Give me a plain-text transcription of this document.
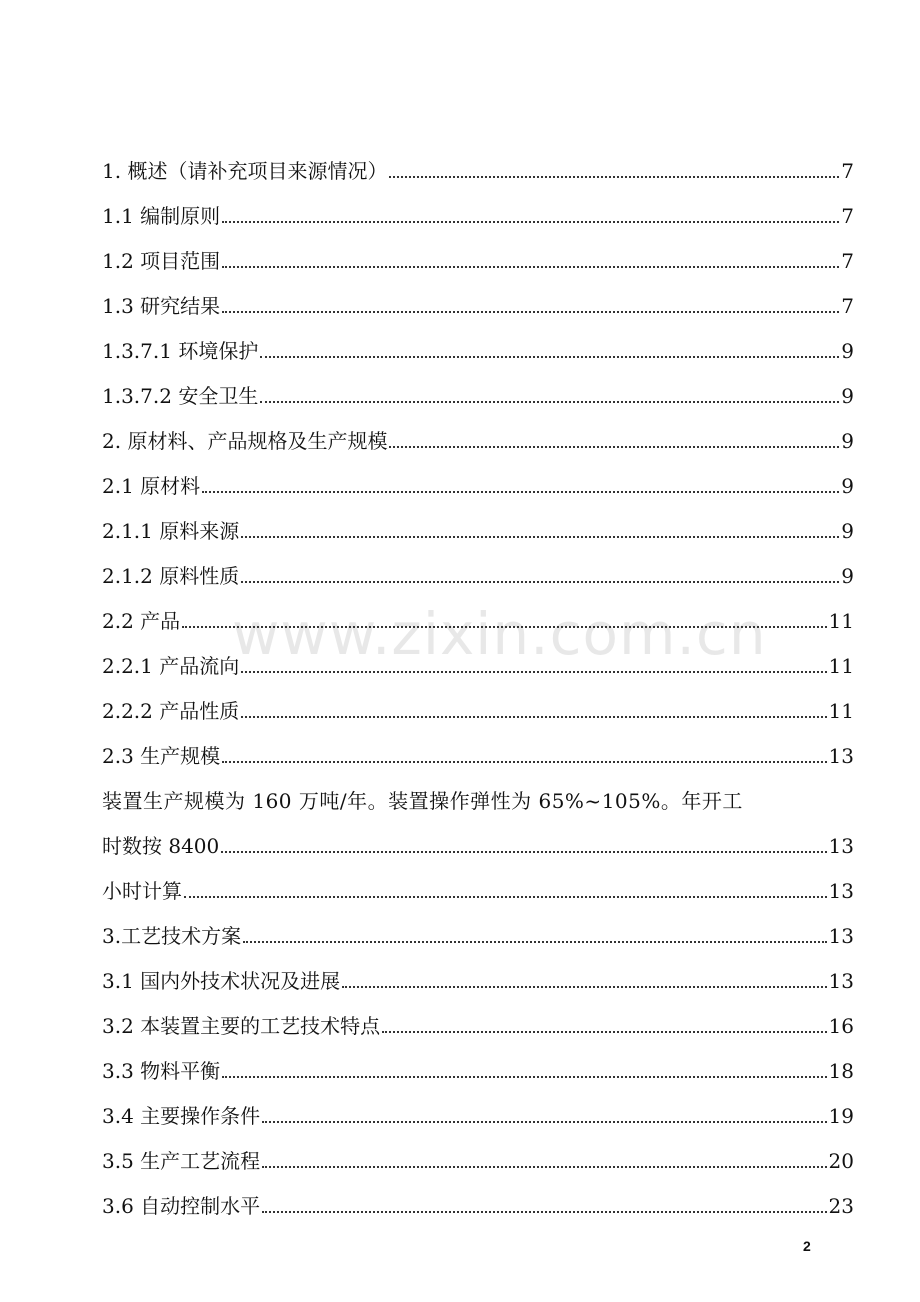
www.zixin.com.cn
1. 概述（请补充项目来源情况）	7
1.1 编制原则	7
1.2 项目范围	7
1.3 研究结果	7
1.3.7.1 环境保护	9
1.3.7.2 安全卫生	9
2. 原材料、产品规格及生产规模	9
2.1 原材料	9
2.1.1 原料来源	9
2.1.2 原料性质	9
2.2 产品	11
2.2.1 产品流向	11
2.2.2 产品性质	11
2.3 生产规模	13
装置生产规模为 160 万吨/年。装置操作弹性为 65%~105%。年开工
时数按 8400	13
小时计算	13
3.工艺技术方案	13
3.1 国内外技术状况及进展	13
3.2 本装置主要的工艺技术特点	16
3.3 物料平衡	18
3.4 主要操作条件	19
3.5 生产工艺流程	20
3.6 自动控制水平	23
2
